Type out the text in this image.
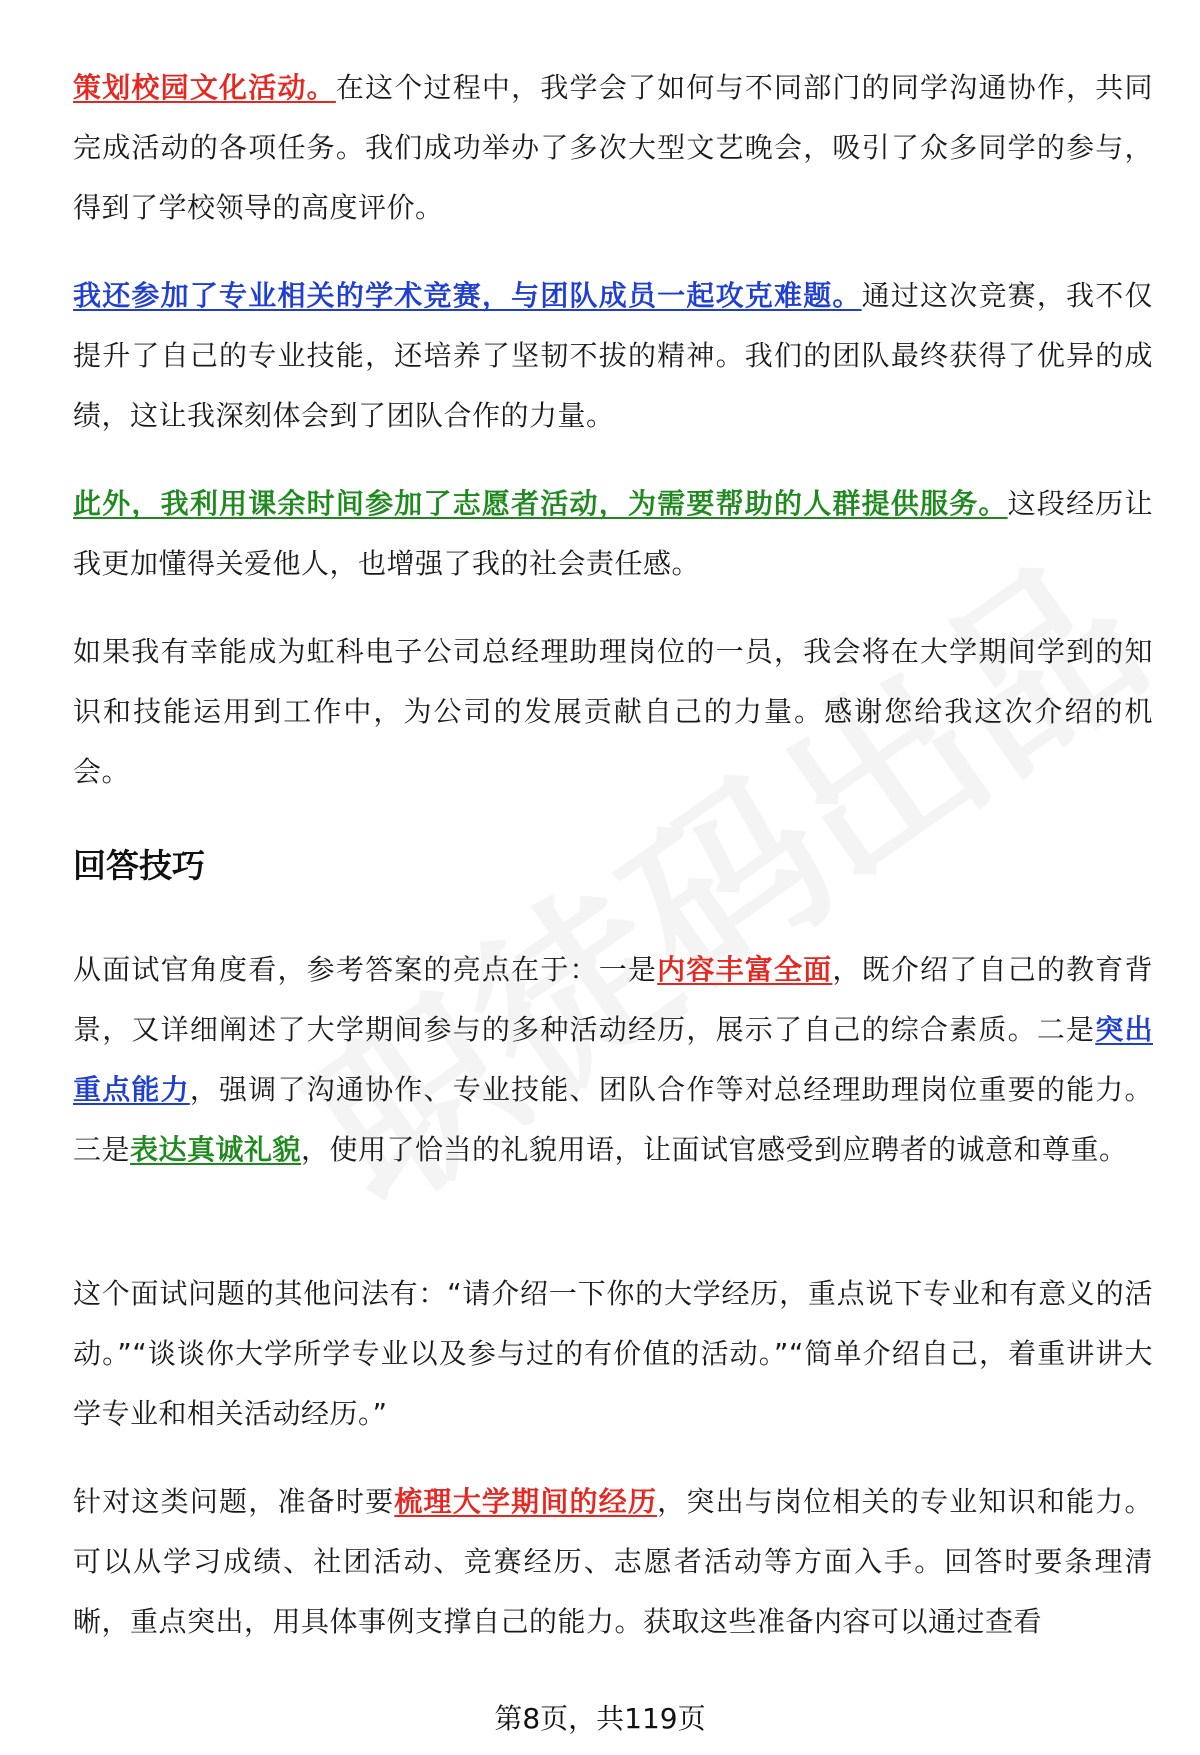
策划校园文化活动。在这个过程中，我学会了如何与不同部门的同学沟通协作，共同完成活动的各项任务。我们成功举办了多次大型文艺晚会，吸引了众多同学的参与，得到了学校领导的高度评价。

我还参加了专业相关的学术竞赛，与团队成员一起攻克难题。通过这次竞赛，我不仅提升了自己的专业技能，还培养了坚韧不拔的精神。我们的团队最终获得了优异的成绩，这让我深刻体会到了团队合作的力量。

此外，我利用课余时间参加了志愿者活动，为需要帮助的人群提供服务。这段经历让我更加懂得关爱他人，也增强了我的社会责任感。

如果我有幸能成为虹科电子公司总经理助理岗位的一员，我会将在大学期间学到的知识和技能运用到工作中，为公司的发展贡献自己的力量。感谢您给我这次介绍的机会。

回答技巧

从面试官角度看，参考答案的亮点在于：一是内容丰富全面，既介绍了自己的教育背景，又详细阐述了大学期间参与的多种活动经历，展示了自己的综合素质。二是突出重点能力，强调了沟通协作、专业技能、团队合作等对总经理助理岗位重要的能力。三是表达真诚礼貌，使用了恰当的礼貌用语，让面试官感受到应聘者的诚意和尊重。

这个面试问题的其他问法有：“请介绍一下你的大学经历，重点说下专业和有意义的活动。”“谈谈你大学所学专业以及参与过的有价值的活动。”“简单介绍自己，着重讲讲大学专业和相关活动经历。”

针对这类问题，准备时要梳理大学期间的经历，突出与岗位相关的专业知识和能力。可以从学习成绩、社团活动、竞赛经历、志愿者活动等方面入手。回答时要条理清晰，重点突出，用具体事例支撑自己的能力。获取这些准备内容可以通过查看

第8页，共119页
